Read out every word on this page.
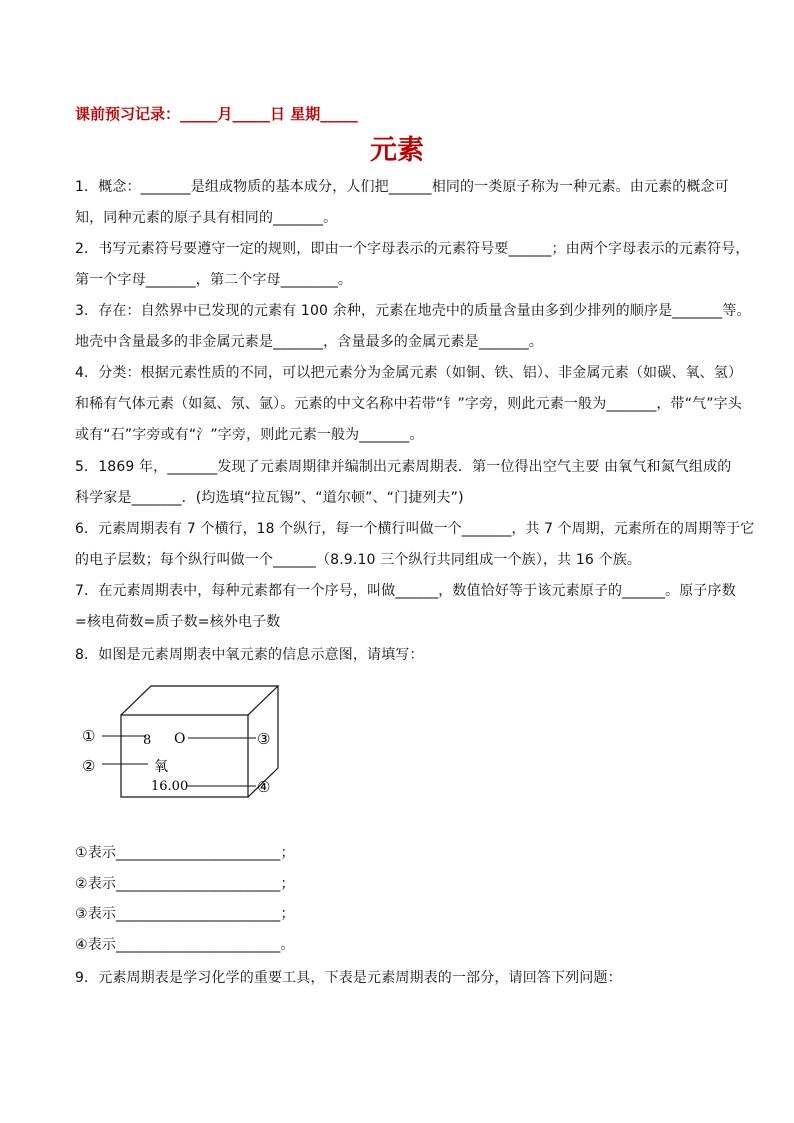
课前预习记录：_____月_____日 星期_____
元素
1．概念：_______是组成物质的基本成分，人们把______相同的一类原子称为一种元素。由元素的概念可
知，同种元素的原子具有相同的_______。
2．书写元素符号要遵守一定的规则，即由一个字母表示的元素符号要______；由两个字母表示的元素符号，
第一个字母_______，第二个字母________。
3．存在：自然界中已发现的元素有 100 余种，元素在地壳中的质量含量由多到少排列的顺序是_______等。
地壳中含量最多的非金属元素是_______，含量最多的金属元素是_______。
4．分类：根据元素性质的不同，可以把元素分为金属元素（如铜、铁、铝）、非金属元素（如碳、氧、氢）
和稀有气体元素（如氦、氖、氩）。元素的中文名称中若带“钅”字旁，则此元素一般为_______，带“气”字头
或有“石”字旁或有“氵”字旁，则此元素一般为_______。
5．1869 年，_______发现了元素周期律并编制出元素周期表．第一位得出空气主要 由氧气和氮气组成的
科学家是_______．(均选填“拉瓦锡”、“道尔顿”、“门捷列夫”)
6．元素周期表有 7 个横行，18 个纵行，每一个横行叫做一个_______，共 7 个周期，元素所在的周期等于它
的电子层数；每个纵行叫做一个______（8.9.10 三个纵行共同组成一个族），共 16 个族。
7．在元素周期表中，每种元素都有一个序号，叫做______，数值恰好等于该元素原子的______。原子序数
=核电荷数=质子数=核外电子数
8．如图是元素周期表中氧元素的信息示意图，请填写：
8 O
氧
16.00
①
②
③
④
①表示_______________________；
②表示_______________________；
③表示_______________________；
④表示_______________________。
9．元素周期表是学习化学的重要工具，下表是元素周期表的一部分，请回答下列问题：
